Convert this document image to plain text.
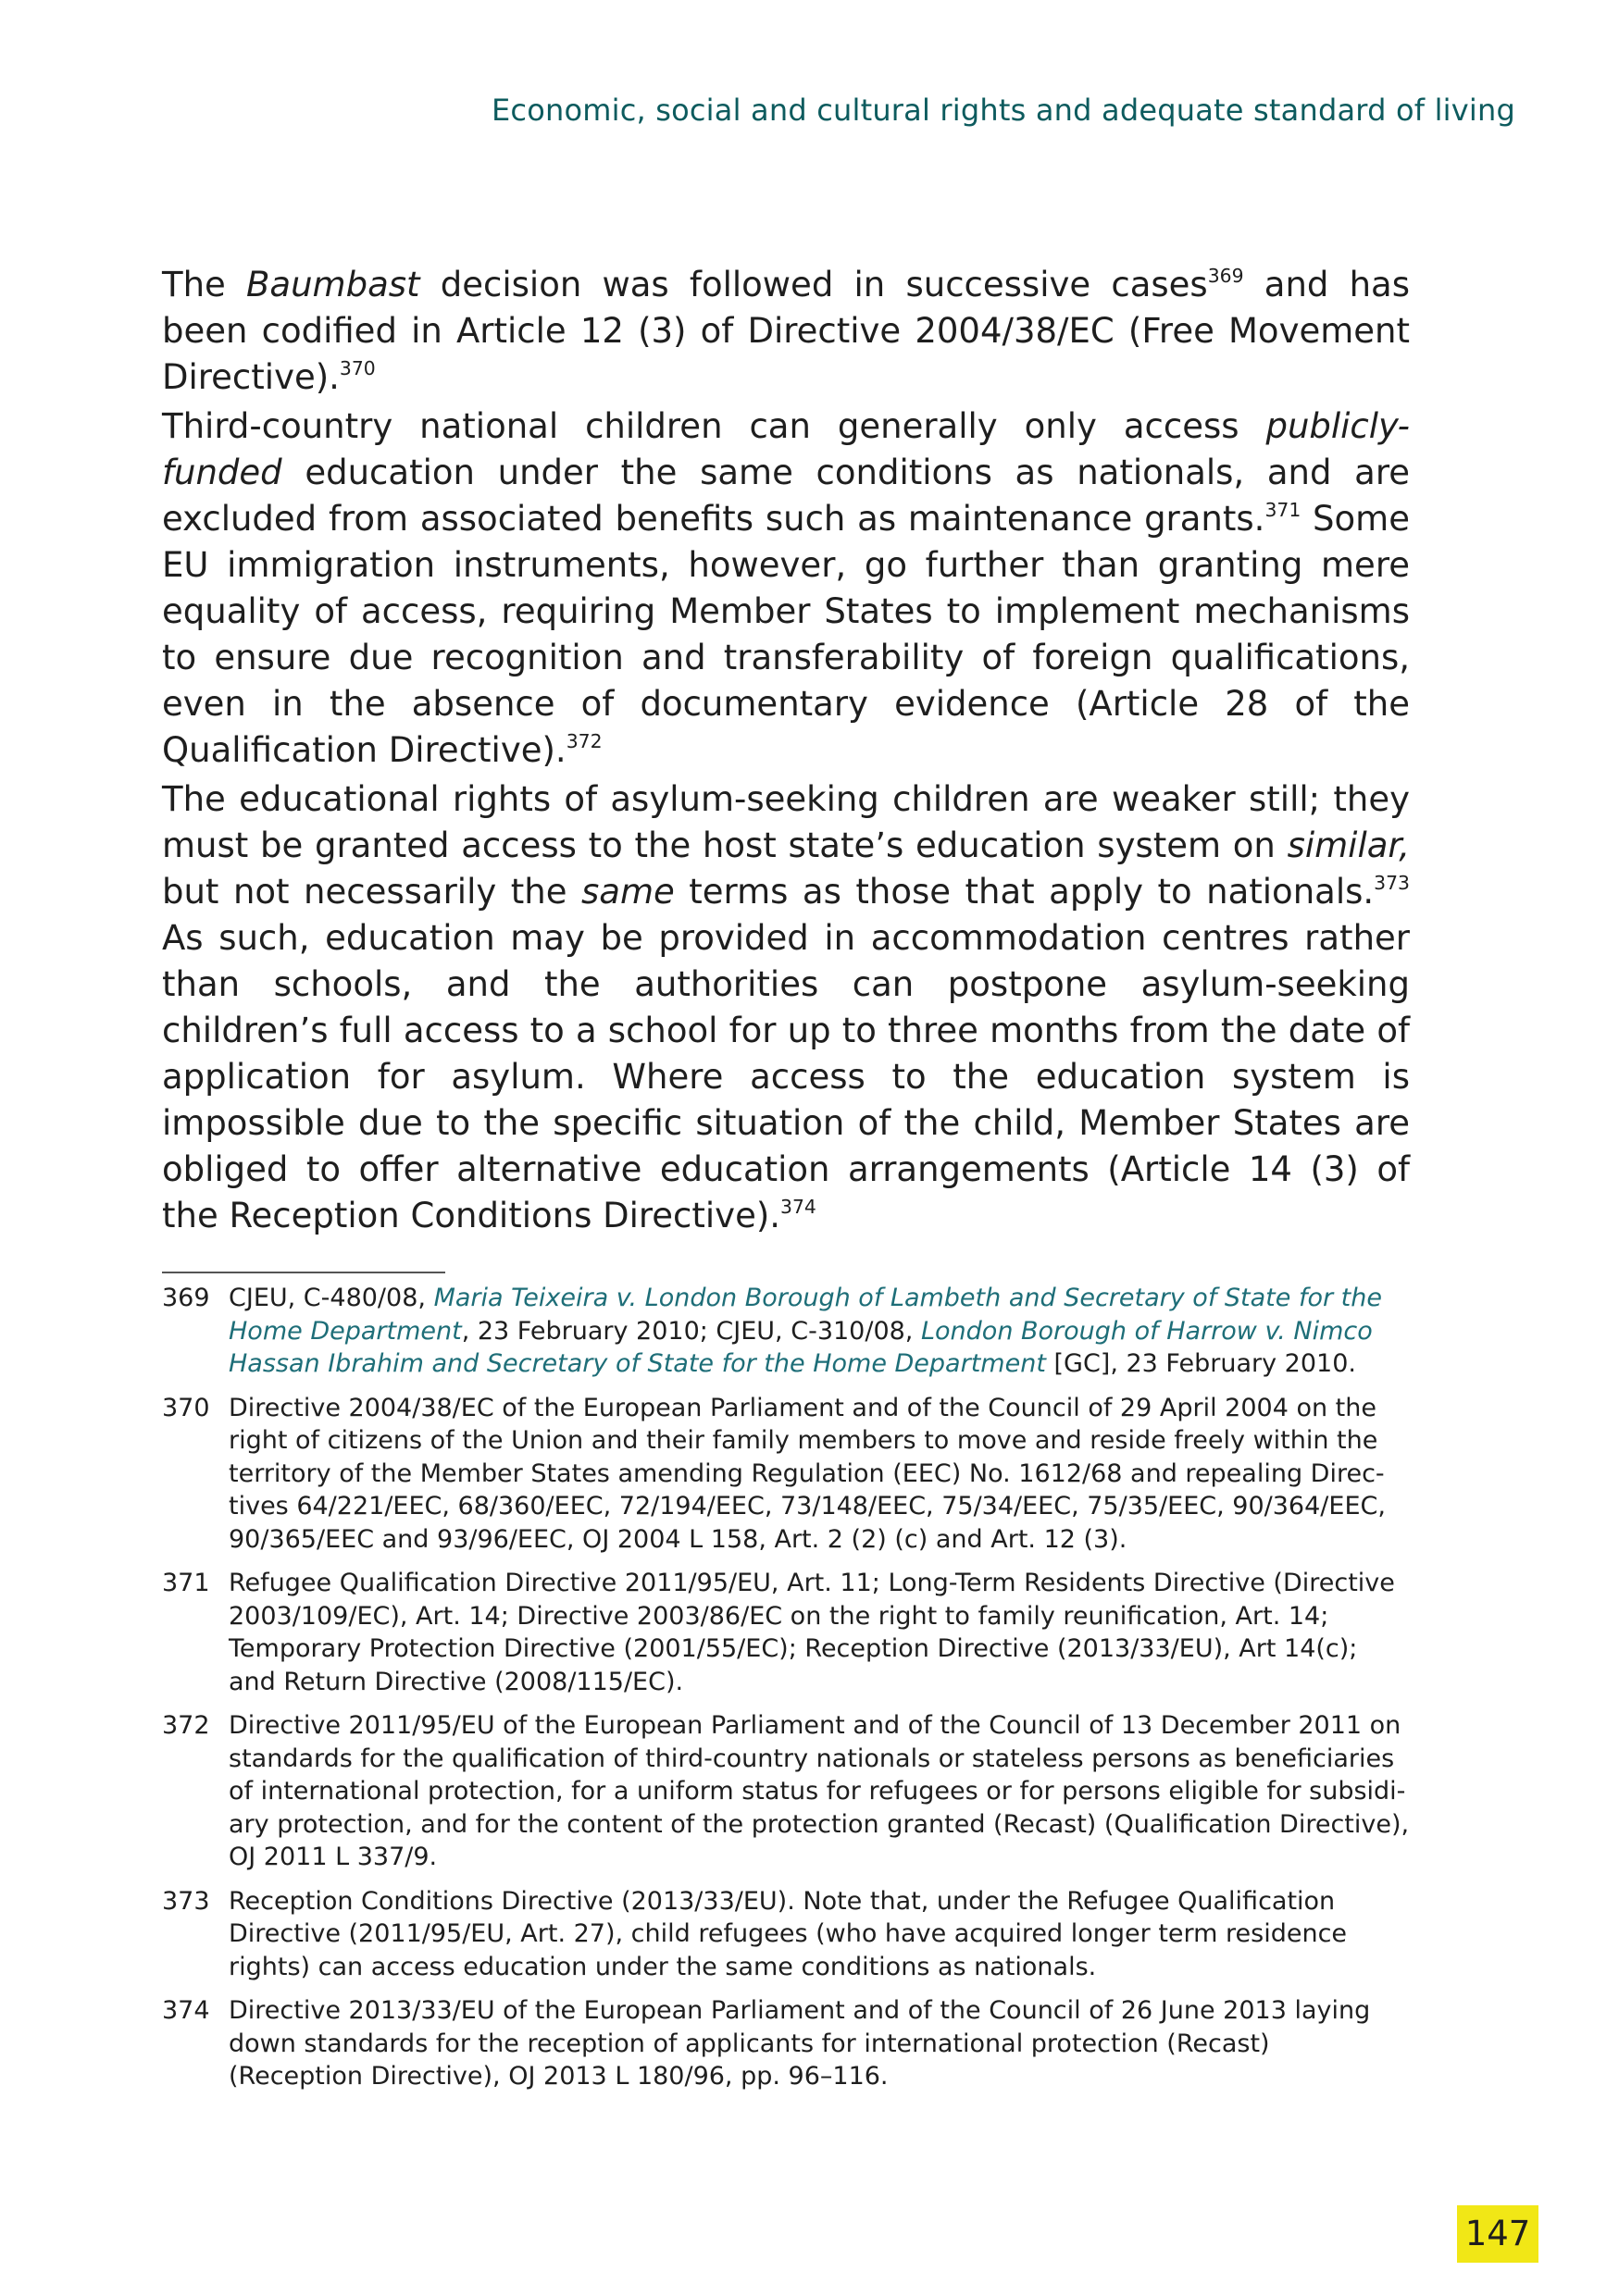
Economic, social and cultural rights and adequate standard of living

The Baumbast decision was followed in successive cases$^{369}$ and has been codified in Article 12 (3) of Directive 2004/38/EC (Free Movement Directive).$^{370}$

Third-country national children can generally only access publicly-funded education under the same conditions as nationals, and are excluded from associated benefits such as maintenance grants.$^{371}$ Some EU immigration instruments, however, go further than granting mere equality of access, requiring Member States to implement mechanisms to ensure due recognition and transferability of foreign qualifications, even in the absence of documentary evidence (Article 28 of the Qualification Directive).$^{372}$

The educational rights of asylum-seeking children are weaker still; they must be granted access to the host state’s education system on similar, but not necessarily the same terms as those that apply to nationals.$^{373}$ As such, education may be provided in accommodation centres rather than schools, and the authorities can postpone asylum-seeking children’s full access to a school for up to three months from the date of application for asylum. Where access to the education system is impossible due to the specific situation of the child, Member States are obliged to offer alternative education arrangements (Article 14 (3) of the Reception Conditions Directive).$^{374}$

369 CJEU, C-480/08, Maria Teixeira v. London Borough of Lambeth and Secretary of State for the Home Department, 23 February 2010; CJEU, C-310/08, London Borough of Harrow v. Nimco Hassan Ibrahim and Secretary of State for the Home Department [GC], 23 February 2010.
370 Directive 2004/38/EC of the European Parliament and of the Council of 29 April 2004 on the right of citizens of the Union and their family members to move and reside freely within the territory of the Member States amending Regulation (EEC) No. 1612/68 and repealing Directives 64/221/EEC, 68/360/EEC, 72/194/EEC, 73/148/EEC, 75/34/EEC, 75/35/EEC, 90/364/EEC, 90/365/EEC and 93/96/EEC, OJ 2004 L 158, Art. 2 (2) (c) and Art. 12 (3).
371 Refugee Qualification Directive 2011/95/EU, Art. 11; Long-Term Residents Directive (Directive 2003/109/EC), Art. 14; Directive 2003/86/EC on the right to family reunification, Art. 14; Temporary Protection Directive (2001/55/EC); Reception Directive (2013/33/EU), Art 14(c); and Return Directive (2008/115/EC).
372 Directive 2011/95/EU of the European Parliament and of the Council of 13 December 2011 on standards for the qualification of third-country nationals or stateless persons as beneficiaries of international protection, for a uniform status for refugees or for persons eligible for subsidiary protection, and for the content of the protection granted (Recast) (Qualification Directive), OJ 2011 L 337/9.
373 Reception Conditions Directive (2013/33/EU). Note that, under the Refugee Qualification Directive (2011/95/EU, Art. 27), child refugees (who have acquired longer term residence rights) can access education under the same conditions as nationals.
374 Directive 2013/33/EU of the European Parliament and of the Council of 26 June 2013 laying down standards for the reception of applicants for international protection (Recast) (Reception Directive), OJ 2013 L 180/96, pp. 96–116.
147
